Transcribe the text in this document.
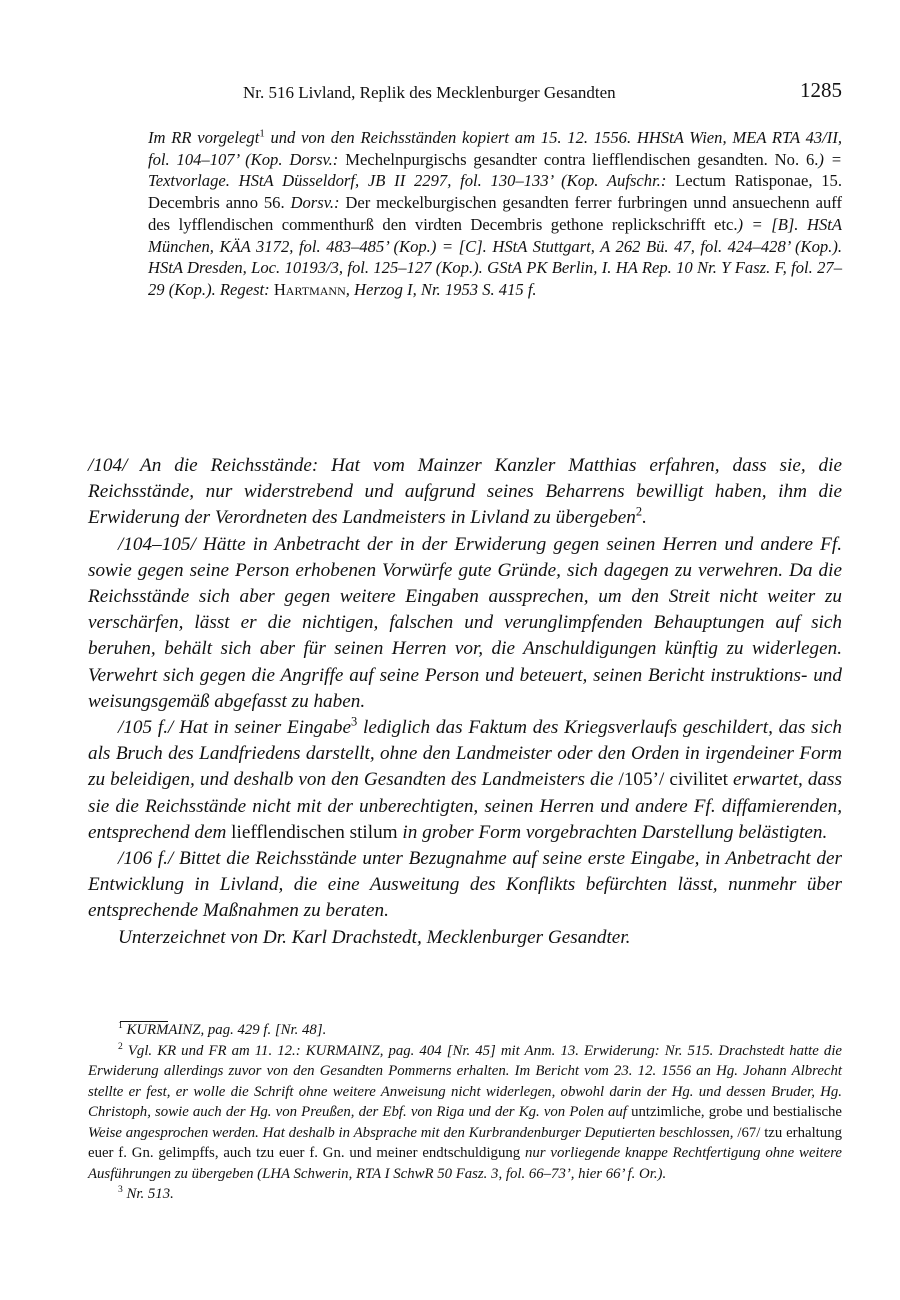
Nr. 516 Livland, Replik des Mecklenburger Gesandten	1285
Im RR vorgelegt$^1$ und von den Reichsständen kopiert am 15. 12. 1556. HHStA Wien, MEA RTA 43/II, fol. 104–107’ (Kop. Dorsv.: Mechelnpurgischs gesandter contra liefflendischen gesandten. No. 6.) = Textvorlage. HStA Düsseldorf, JB II 2297, fol. 130–133’ (Kop. Aufschr.: Lectum Ratisponae, 15. Decembris anno 56. Dorsv.: Der meckelburgischen gesandten ferrer furbringen unnd ansuechenn auff des lyfflendischen commenthurß den virdten Decembris gethone replickschrifft etc.) = [B]. HStA München, KÄA 3172, fol. 483–485’ (Kop.) = [C]. HStA Stuttgart, A 262 Bü. 47, fol. 424–428’ (Kop.). HStA Dresden, Loc. 10193/3, fol. 125–127 (Kop.). GStA PK Berlin, I. HA Rep. 10 Nr. Y Fasz. F, fol. 27–29 (Kop.). Regest: Hartmann, Herzog I, Nr. 1953 S. 415 f.

/104/ An die Reichsstände: Hat vom Mainzer Kanzler Matthias erfahren, dass sie, die Reichsstände, nur widerstrebend und aufgrund seines Beharrens bewilligt haben, ihm die Erwiderung der Verordneten des Landmeisters in Livland zu übergeben$^2$.

/104–105/ Hätte in Anbetracht der in der Erwiderung gegen seinen Herren und andere Ff. sowie gegen seine Person erhobenen Vorwürfe gute Gründe, sich dagegen zu verwehren. Da die Reichsstände sich aber gegen weitere Eingaben aussprechen, um den Streit nicht weiter zu verschärfen, lässt er die nichtigen, falschen und verunglimpfenden Behauptungen auf sich beruhen, behält sich aber für seinen Herren vor, die Anschuldigungen künftig zu widerlegen. Verwehrt sich gegen die Angriffe auf seine Person und beteuert, seinen Bericht instruktions- und weisungsgemäß abgefasst zu haben.

/105 f./ Hat in seiner Eingabe$^3$ lediglich das Faktum des Kriegsverlaufs geschildert, das sich als Bruch des Landfriedens darstellt, ohne den Landmeister oder den Orden in irgendeiner Form zu beleidigen, und deshalb von den Gesandten des Landmeisters die /105’/ civilitet erwartet, dass sie die Reichsstände nicht mit der unberechtigten, seinen Herren und andere Ff. diffamierenden, entsprechend dem liefflendischen stilum in grober Form vorgebrachten Darstellung belästigten.

/106 f./ Bittet die Reichsstände unter Bezugnahme auf seine erste Eingabe, in Anbetracht der Entwicklung in Livland, die eine Ausweitung des Konflikts befürchten lässt, nunmehr über entsprechende Maßnahmen zu beraten.

Unterzeichnet von Dr. Karl Drachstedt, Mecklenburger Gesandter.

$^1$ KURMAINZ, pag. 429 f. [Nr. 48].

$^2$ Vgl. KR und FR am 11. 12.: KURMAINZ, pag. 404 [Nr. 45] mit Anm. 13. Erwiderung: Nr. 515. Drachstedt hatte die Erwiderung allerdings zuvor von den Gesandten Pommerns erhalten. Im Bericht vom 23. 12. 1556 an Hg. Johann Albrecht stellte er fest, er wolle die Schrift ohne weitere Anweisung nicht widerlegen, obwohl darin der Hg. und dessen Bruder, Hg. Christoph, sowie auch der Hg. von Preußen, der Ebf. von Riga und der Kg. von Polen auf untzimliche, grobe und bestialische Weise angesprochen werden. Hat deshalb in Absprache mit den Kurbrandenburger Deputierten beschlossen, /67/ tzu erhaltung euer f. Gn. gelimpffs, auch tzu euer f. Gn. und meiner endtschuldigung nur vorliegende knappe Rechtfertigung ohne weitere Ausführungen zu übergeben (LHA Schwerin, RTA I SchwR 50 Fasz. 3, fol. 66–73’, hier 66’ f. Or.).

$^3$ Nr. 513.
